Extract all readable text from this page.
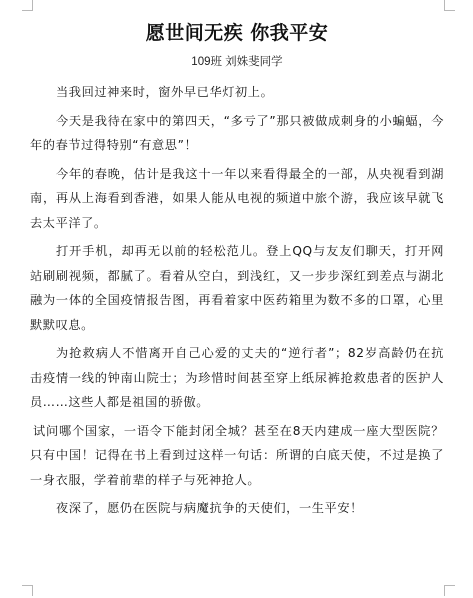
愿世间无疾 你我平安
109班 刘姝斐同学

当我回过神来时，窗外早已华灯初上。

今天是我待在家中的第四天，“多亏了”那只被做成刺身的小蝙蝠，今年的春节过得特别“有意思”！

今年的春晚，估计是我这十一年以来看得最全的一部，从央视看到湖南，再从上海看到香港，如果人能从电视的频道中旅个游，我应该早就飞去太平洋了。

打开手机，却再无以前的轻松范儿。登上QQ与友友们聊天，打开网站刷刷视频，都腻了。看着从空白，到浅红，又一步步深红到差点与湖北融为一体的全国疫情报告图，再看着家中医药箱里为数不多的口罩，心里默默叹息。

为抢救病人不惜离开自己心爱的丈夫的“逆行者”；82岁高龄仍在抗击疫情一线的钟南山院士；为珍惜时间甚至穿上纸尿裤抢救患者的医护人员……这些人都是祖国的骄傲。

试问哪个国家，一语令下能封闭全城？甚至在8天内建成一座大型医院？只有中国！记得在书上看到过这样一句话：所谓的白底天使，不过是换了一身衣服，学着前辈的样子与死神抢人。

夜深了，愿仍在医院与病魔抗争的天使们，一生平安！
